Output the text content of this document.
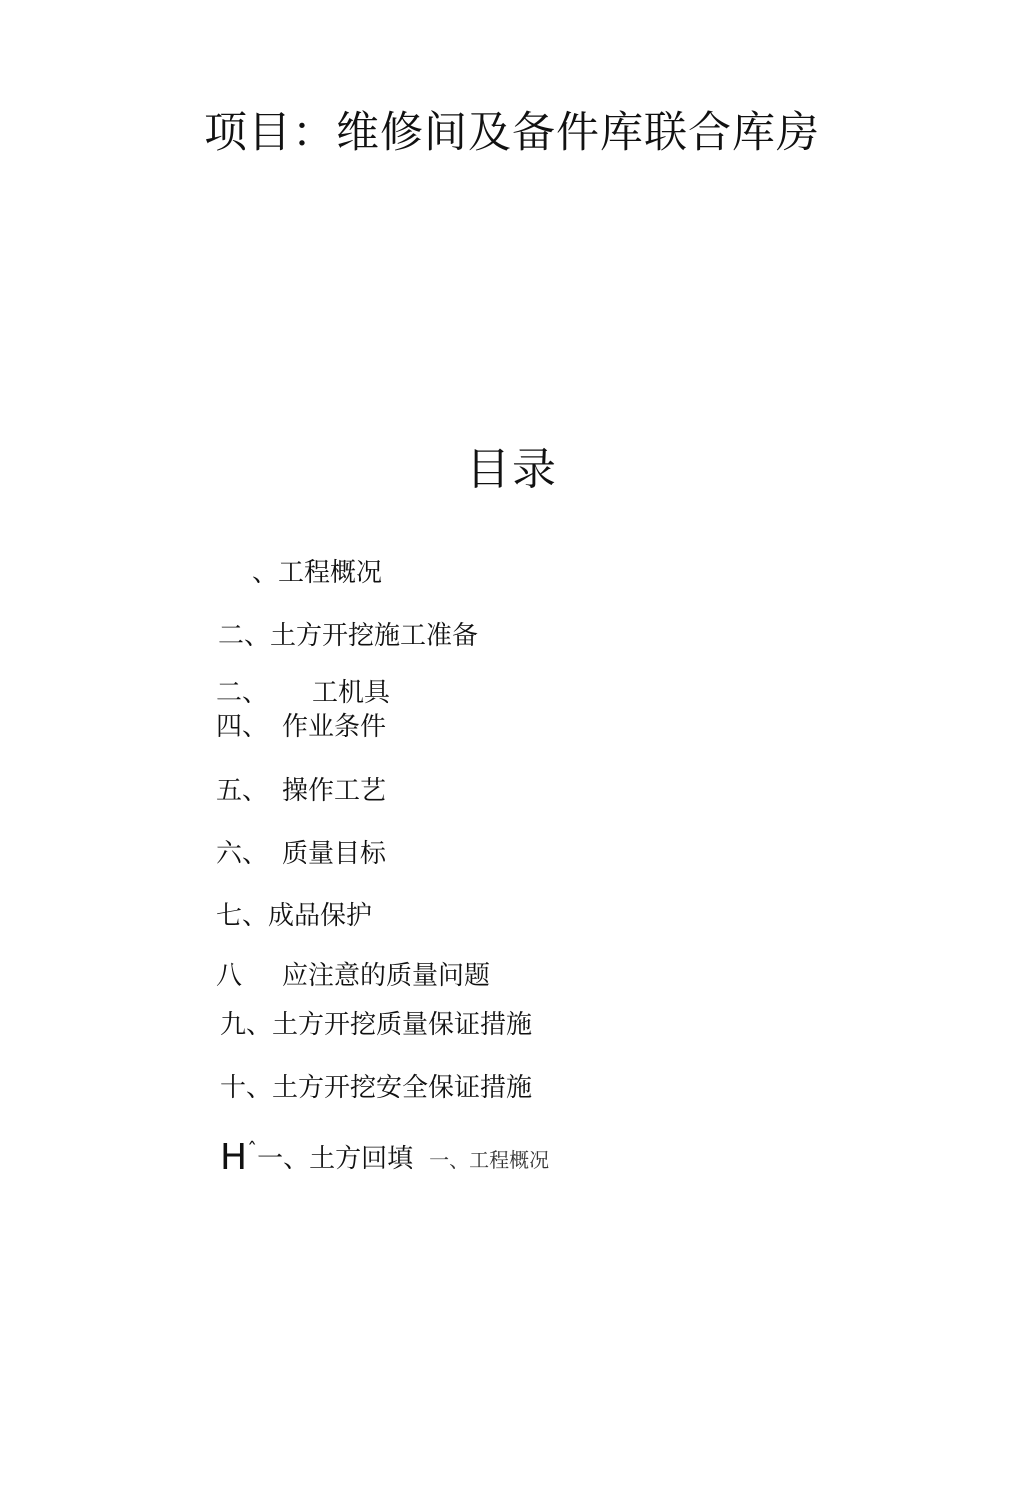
项目：维修间及备件库联合库房
目录
、工程概况
二、土方开挖施工准备
二、 工机具
四、 作业条件
五、 操作工艺
六、 质量目标
七、成品保护
八 应注意的质量问题
九、土方开挖质量保证措施
十、土方开挖安全保证措施
$H^ˆ$一、土方回填 一、工程概况
